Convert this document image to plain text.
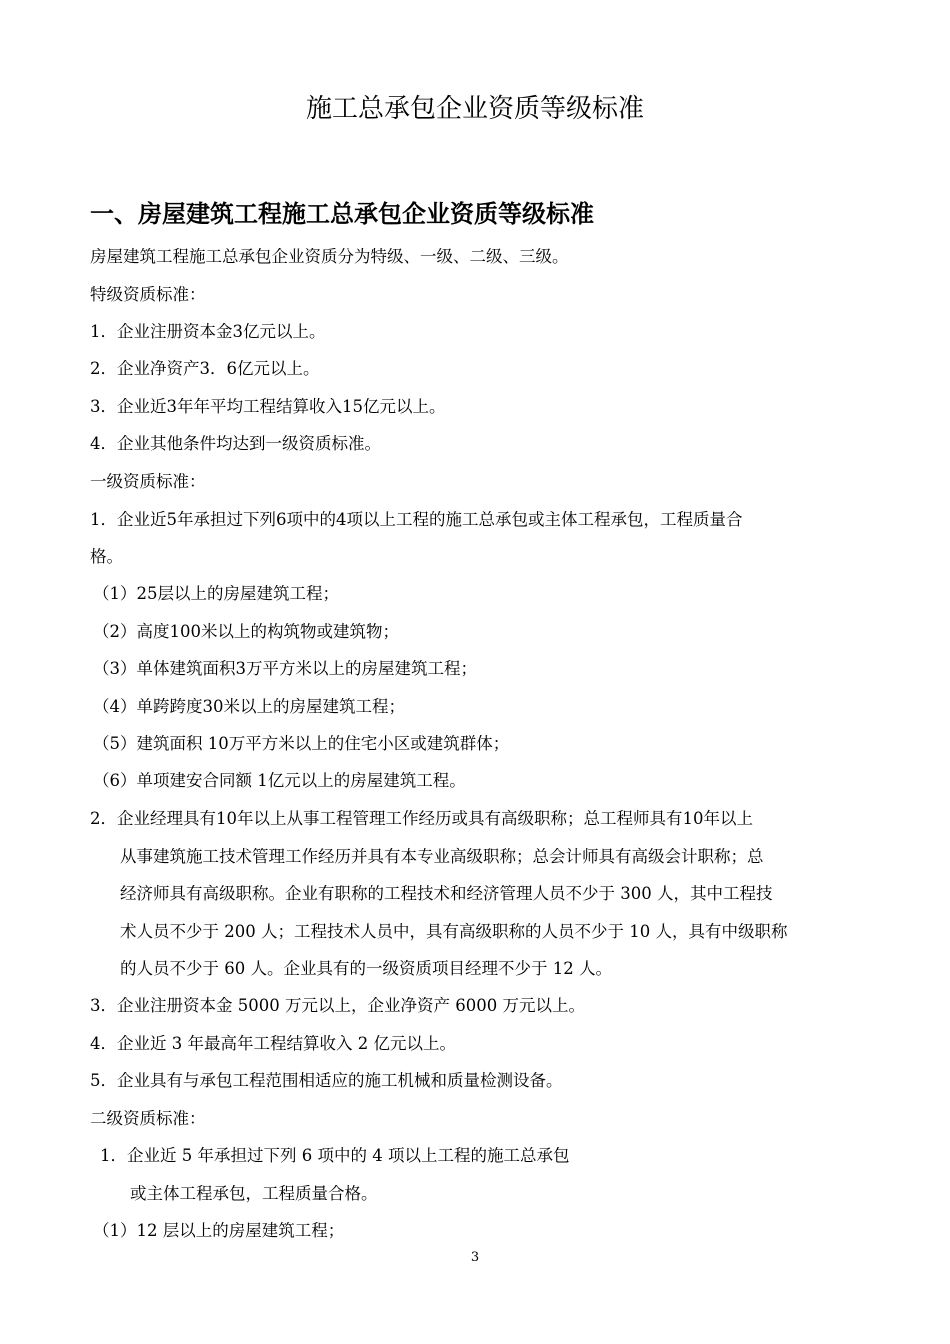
施工总承包企业资质等级标准
一、房屋建筑工程施工总承包企业资质等级标准

房屋建筑工程施工总承包企业资质分为特级、一级、二级、三级。

特级资质标准：

1．企业注册资本金3亿元以上。

2．企业净资产3．6亿元以上。

3．企业近3年年平均工程结算收入15亿元以上。

4．企业其他条件均达到一级资质标准。

一级资质标准：

1．企业近5年承担过下列6项中的4项以上工程的施工总承包或主体工程承包，工程质量合

格。

（1）25层以上的房屋建筑工程；

（2）高度100米以上的构筑物或建筑物；

（3）单体建筑面积3万平方米以上的房屋建筑工程；

（4）单跨跨度30米以上的房屋建筑工程；

（5）建筑面积 10万平方米以上的住宅小区或建筑群体；

（6）单项建安合同额 1亿元以上的房屋建筑工程。

2．企业经理具有10年以上从事工程管理工作经历或具有高级职称；总工程师具有10年以上

从事建筑施工技术管理工作经历并具有本专业高级职称；总会计师具有高级会计职称；总

经济师具有高级职称。企业有职称的工程技术和经济管理人员不少于 300 人，其中工程技

术人员不少于 200 人；工程技术人员中，具有高级职称的人员不少于 10 人，具有中级职称

的人员不少于 60 人。企业具有的一级资质项目经理不少于 12 人。

3．企业注册资本金 5000 万元以上，企业净资产 6000 万元以上。

4．企业近 3 年最高年工程结算收入 2 亿元以上。

5．企业具有与承包工程范围相适应的施工机械和质量检测设备。

二级资质标准：

1．企业近 5 年承担过下列 6 项中的 4 项以上工程的施工总承包

或主体工程承包，工程质量合格。

（1）12 层以上的房屋建筑工程；

3
